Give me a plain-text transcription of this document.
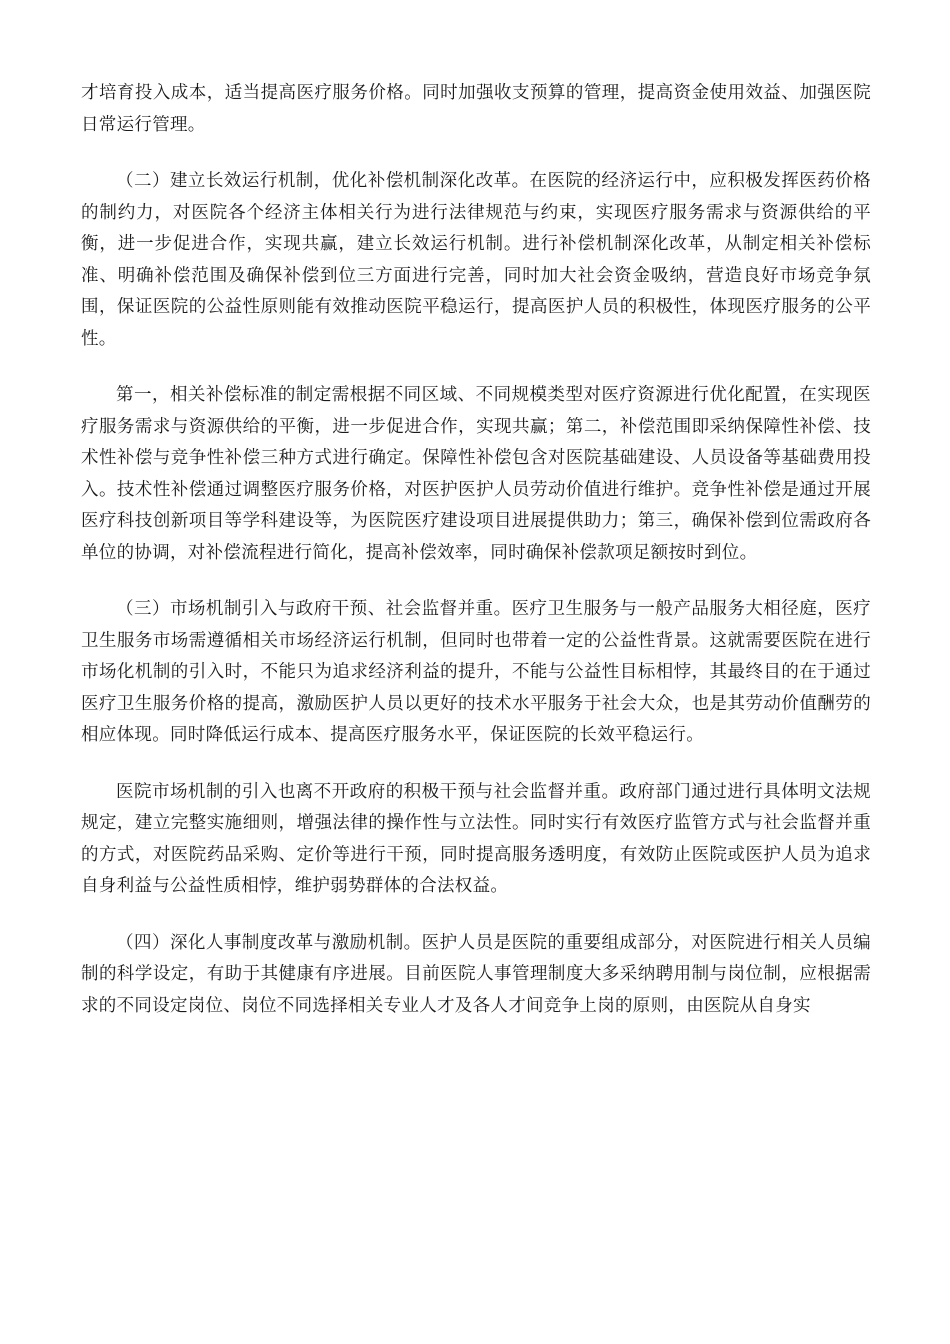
才培育投入成本，适当提高医疗服务价格。同时加强收支预算的管理，提高资金使用效益、加强医院日常运行管理。

（二）建立长效运行机制，优化补偿机制深化改革。在医院的经济运行中，应积极发挥医药价格的制约力，对医院各个经济主体相关行为进行法律规范与约束，实现医疗服务需求与资源供给的平衡，进一步促进合作，实现共赢，建立长效运行机制。进行补偿机制深化改革，从制定相关补偿标准、明确补偿范围及确保补偿到位三方面进行完善，同时加大社会资金吸纳，营造良好市场竞争氛围，保证医院的公益性原则能有效推动医院平稳运行，提高医护人员的积极性，体现医疗服务的公平性。

第一，相关补偿标准的制定需根据不同区域、不同规模类型对医疗资源进行优化配置，在实现医疗服务需求与资源供给的平衡，进一步促进合作，实现共赢；第二，补偿范围即采纳保障性补偿、技术性补偿与竞争性补偿三种方式进行确定。保障性补偿包含对医院基础建设、人员设备等基础费用投入。技术性补偿通过调整医疗服务价格，对医护医护人员劳动价值进行维护。竞争性补偿是通过开展医疗科技创新项目等学科建设等，为医院医疗建设项目进展提供助力；第三，确保补偿到位需政府各单位的协调，对补偿流程进行简化，提高补偿效率，同时确保补偿款项足额按时到位。

（三）市场机制引入与政府干预、社会监督并重。医疗卫生服务与一般产品服务大相径庭，医疗卫生服务市场需遵循相关市场经济运行机制，但同时也带着一定的公益性背景。这就需要医院在进行市场化机制的引入时，不能只为追求经济利益的提升，不能与公益性目标相悖，其最终目的在于通过医疗卫生服务价格的提高，激励医护人员以更好的技术水平服务于社会大众，也是其劳动价值酬劳的相应体现。同时降低运行成本、提高医疗服务水平，保证医院的长效平稳运行。

医院市场机制的引入也离不开政府的积极干预与社会监督并重。政府部门通过进行具体明文法规规定，建立完整实施细则，增强法律的操作性与立法性。同时实行有效医疗监管方式与社会监督并重的方式，对医院药品采购、定价等进行干预，同时提高服务透明度，有效防止医院或医护人员为追求自身利益与公益性质相悖，维护弱势群体的合法权益。

（四）深化人事制度改革与激励机制。医护人员是医院的重要组成部分，对医院进行相关人员编制的科学设定，有助于其健康有序进展。目前医院人事管理制度大多采纳聘用制与岗位制，应根据需求的不同设定岗位、岗位不同选择相关专业人才及各人才间竞争上岗的原则，由医院从自身实
